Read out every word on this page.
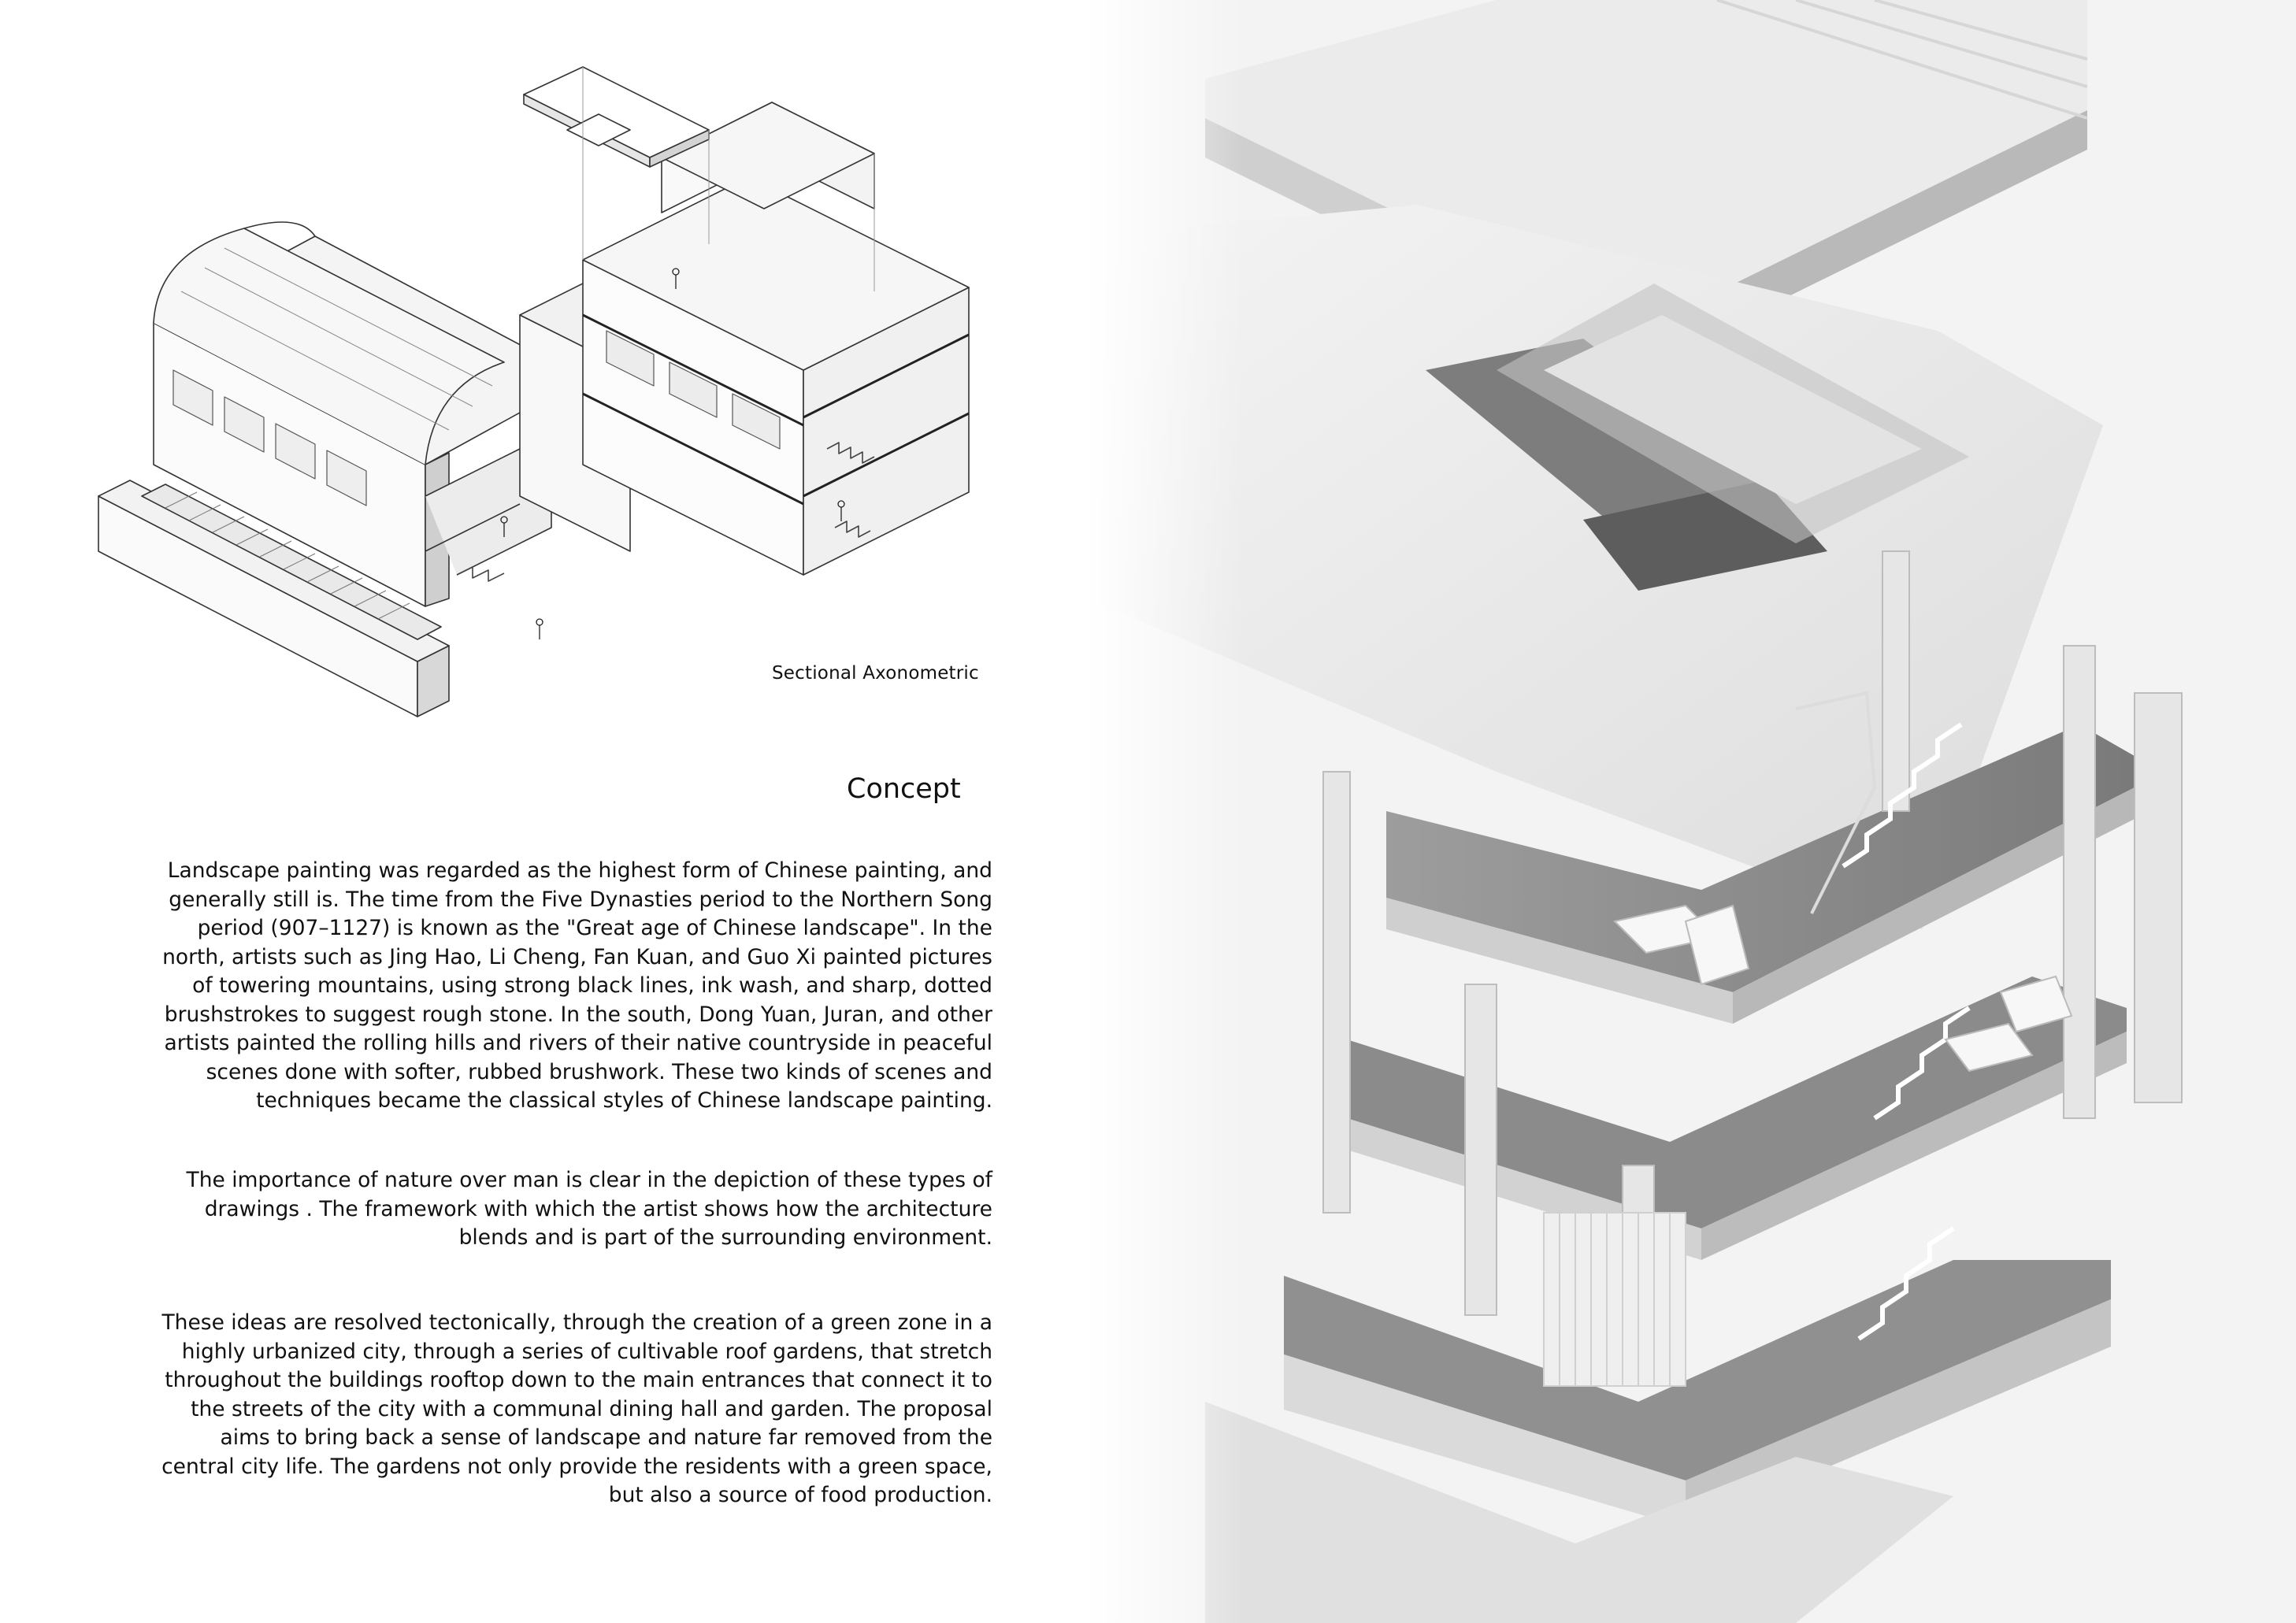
Sectional Axonometric
Concept
Landscape painting was regarded as the highest form of Chinese painting, and generally still is. The time from the Five Dynasties period to the Northern Song period (907–1127) is known as the "Great age of Chinese landscape". In the north, artists such as Jing Hao, Li Cheng, Fan Kuan, and Guo Xi painted pictures of towering mountains, using strong black lines, ink wash, and sharp, dotted brushstrokes to suggest rough stone. In the south, Dong Yuan, Juran, and other artists painted the rolling hills and rivers of their native countryside in peaceful scenes done with softer, rubbed brushwork. These two kinds of scenes and techniques became the classical styles of Chinese landscape painting.
The importance of nature over man is clear in the depiction of these types of drawings . The framework with which the artist shows how the architecture blends and is part of the surrounding environment.
These ideas are resolved tectonically, through the creation of a green zone in a highly urbanized city, through a series of cultivable roof gardens, that stretch throughout the buildings rooftop down to the main entrances that connect it to the streets of the city with a communal dining hall and garden. The proposal aims to bring back a sense of landscape and nature far removed from the central city life. The gardens not only provide the residents with a green space, but also a source of food production.
